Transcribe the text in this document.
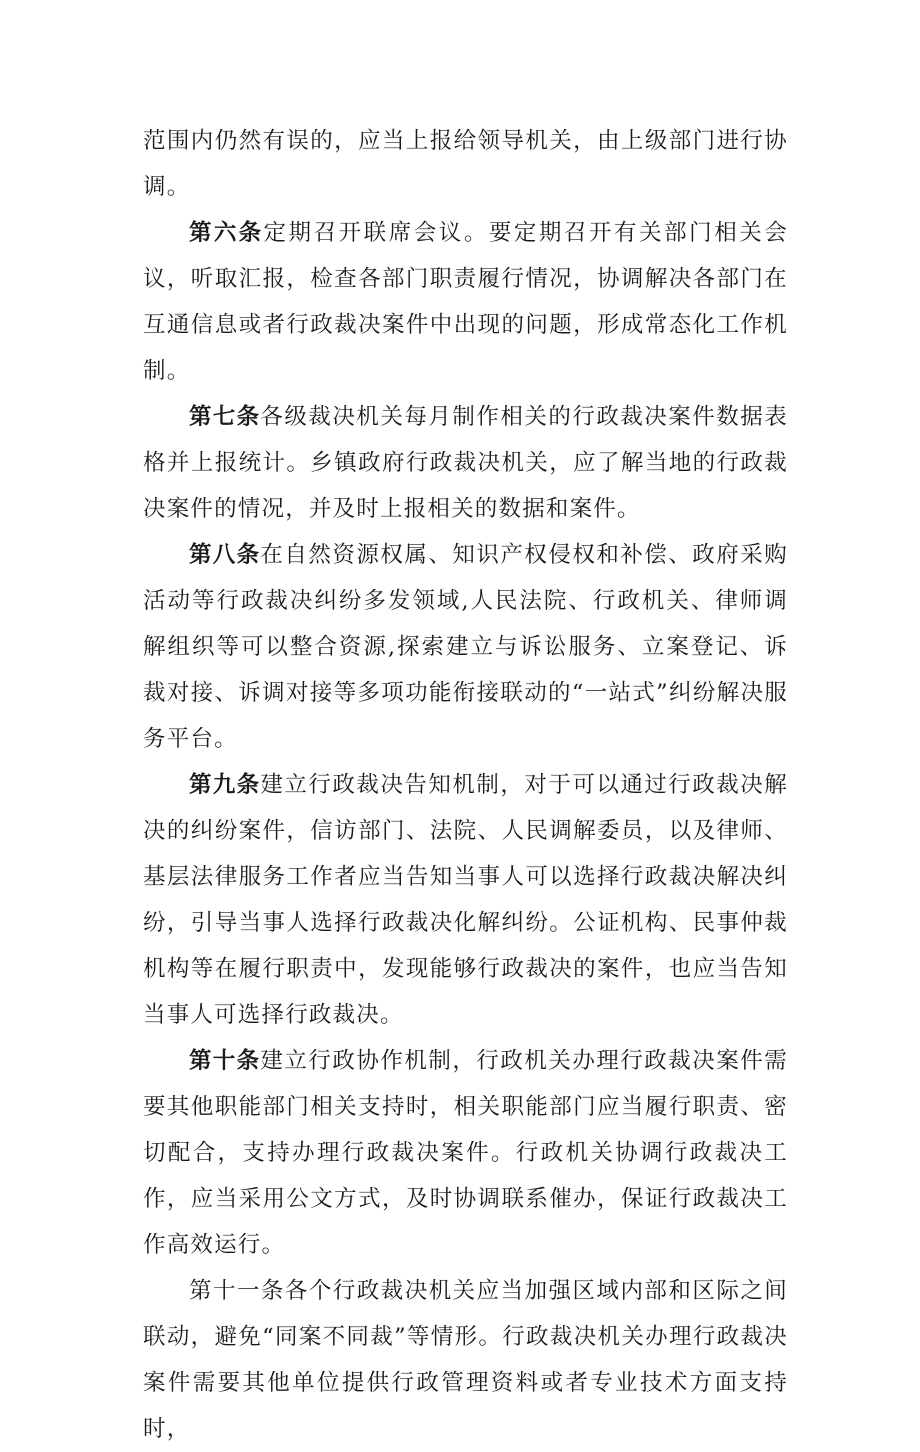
范围内仍然有误的，应当上报给领导机关，由上级部门进行协调。

第六条定期召开联席会议。要定期召开有关部门相关会议，听取汇报，检查各部门职责履行情况，协调解决各部门在互通信息或者行政裁决案件中出现的问题，形成常态化工作机制。

第七条各级裁决机关每月制作相关的行政裁决案件数据表格并上报统计。乡镇政府行政裁决机关，应了解当地的行政裁决案件的情况，并及时上报相关的数据和案件。

第八条在自然资源权属、知识产权侵权和补偿、政府采购活动等行政裁决纠纷多发领域,人民法院、行政机关、律师调解组织等可以整合资源,探索建立与诉讼服务、立案登记、诉裁对接、诉调对接等多项功能衔接联动的“一站式”纠纷解决服务平台。

第九条建立行政裁决告知机制，对于可以通过行政裁决解决的纠纷案件，信访部门、法院、人民调解委员，以及律师、基层法律服务工作者应当告知当事人可以选择行政裁决解决纠纷，引导当事人选择行政裁决化解纠纷。公证机构、民事仲裁机构等在履行职责中，发现能够行政裁决的案件，也应当告知当事人可选择行政裁决。

第十条建立行政协作机制，行政机关办理行政裁决案件需要其他职能部门相关支持时，相关职能部门应当履行职责、密切配合，支持办理行政裁决案件。行政机关协调行政裁决工作，应当采用公文方式，及时协调联系催办，保证行政裁决工作高效运行。

第十一条各个行政裁决机关应当加强区域内部和区际之间联动，避免“同案不同裁”等情形。行政裁决机关办理行政裁决案件需要其他单位提供行政管理资料或者专业技术方面支持时，
